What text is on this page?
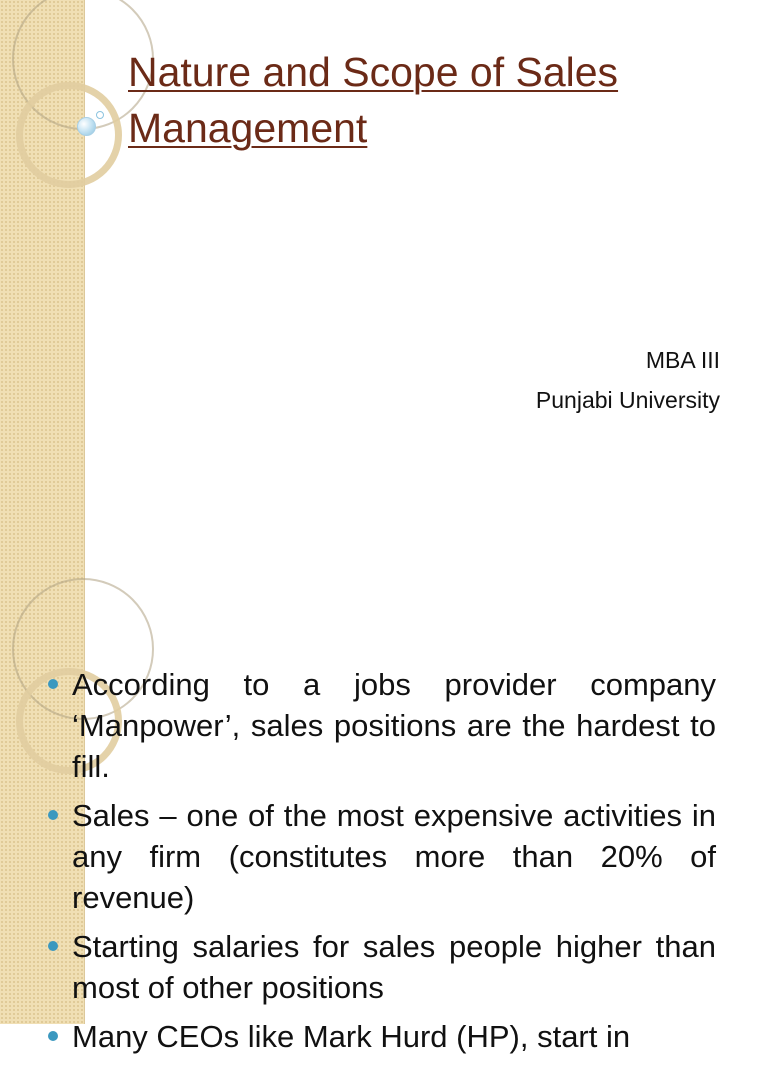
Nature and Scope of Sales Management
MBA III
Punjabi University
According to a jobs provider company ‘Manpower’, sales positions are the hardest to fill.
Sales – one of the most expensive activities in any firm (constitutes more than 20% of revenue)
Starting salaries for sales people higher than most of other positions
Many CEOs like Mark Hurd (HP), start in
